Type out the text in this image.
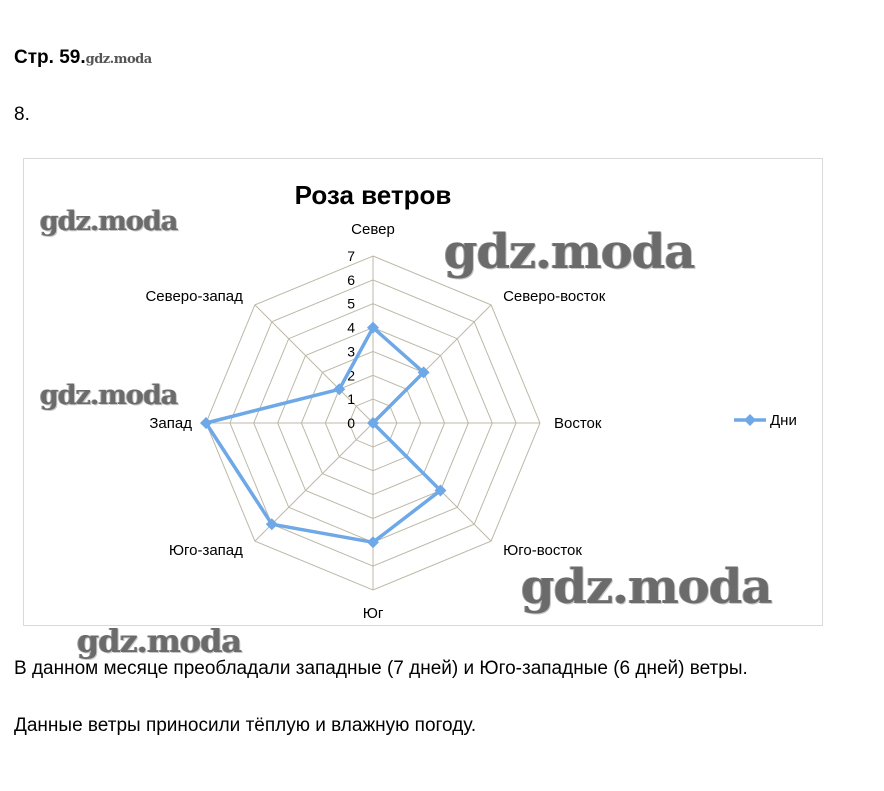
Стр. 59.gdz.moda
8.
Роза ветров
0
1
2
3
4
5
6
7
Север
Северо-восток
Восток
Юго-восток
Юг
Юго-запад
Запад
Северо-запад
Дни
gdz.moda
gdz.moda
gdz.moda
gdz.moda
gdz.moda
В данном месяце преобладали западные (7 дней) и Юго-западные (6 дней) ветры.
Данные ветры приносили тёплую и влажную погоду.
